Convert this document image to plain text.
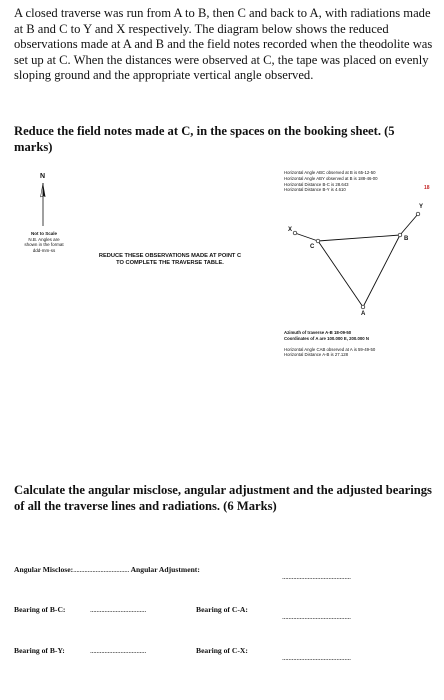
A closed traverse was run from A to B, then C and back to A, with radiations made at B and C to Y and X respectively. The diagram below shows the reduced observations made at A and B and the field notes recorded when the theodolite was set up at C. When the distances were observed at C, the tape was placed on evenly sloping ground and the appropriate vertical angle observed.
Reduce the field notes made at C, in the spaces on the booking sheet. (5 marks)
N
Not to Scale
N.B. Angles are
shown in the format
ddd-mm-ss
REDUCE THESE OBSERVATIONS MADE AT POINT C
TO COMPLETE THE TRAVERSE TABLE.
Horizontal Angle ABC observed at B is 65-12-50
Horizontal Angle ABY observed at B is 188-46-00
Horizontal Distance B-C is 28.643
Horizontal Distance B-Y is 4.610	18
X
Y
B
C
A
Azimuth of traverse A-B 18-09-50
Coordinates of A are 100.000 E, 200.000 N
Horizontal Angle CAB observed at A is 59-49-50
Horizontal Distance A-B is 27.128
Calculate the angular misclose, angular adjustment and the adjusted bearings of all the traverse lines and radiations. (6 Marks)
Angular Misclose:................................... Angular Adjustment:
...........................................
Bearing of B-C:	...................................	Bearing of C-A:
...........................................
Bearing of B-Y:	...................................	Bearing of C-X:
...........................................
